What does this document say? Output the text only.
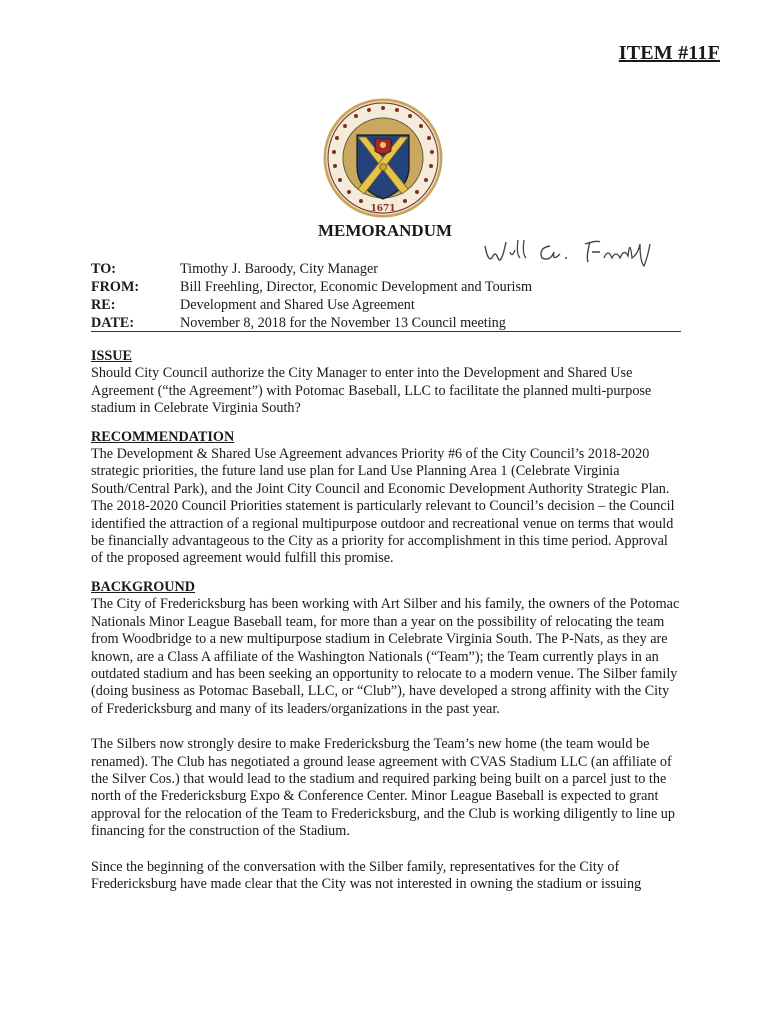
ITEM #11F
1671
MEMORANDUM
TO:	Timothy J. Baroody, City Manager
FROM:	Bill Freehling, Director, Economic Development and Tourism
RE:	Development and Shared Use Agreement
DATE:	November 8, 2018 for the November 13 Council meeting

ISSUE

Should City Council authorize the City Manager to enter into the Development and Shared Use Agreement (“the Agreement”) with Potomac Baseball, LLC to facilitate the planned multi-purpose stadium in Celebrate Virginia South?

RECOMMENDATION

The Development & Shared Use Agreement advances Priority #6 of the City Council’s 2018-2020 strategic priorities, the future land use plan for Land Use Planning Area 1 (Celebrate Virginia South/Central Park), and the Joint City Council and Economic Development Authority Strategic Plan. The 2018-2020 Council Priorities statement is particularly relevant to Council’s decision – the Council identified the attraction of a regional multipurpose outdoor and recreational venue on terms that would be financially advantageous to the City as a priority for accomplishment in this time period. Approval of the proposed agreement would fulfill this promise.

BACKGROUND

The City of Fredericksburg has been working with Art Silber and his family, the owners of the Potomac Nationals Minor League Baseball team, for more than a year on the possibility of relocating the team from Woodbridge to a new multipurpose stadium in Celebrate Virginia South. The P-Nats, as they are known, are a Class A affiliate of the Washington Nationals (“Team”); the Team currently plays in an outdated stadium and has been seeking an opportunity to relocate to a modern venue. The Silber family (doing business as Potomac Baseball, LLC, or “Club”), have developed a strong affinity with the City of Fredericksburg and many of its leaders/organizations in the past year.

The Silbers now strongly desire to make Fredericksburg the Team’s new home (the team would be renamed). The Club has negotiated a ground lease agreement with CVAS Stadium LLC (an affiliate of the Silver Cos.) that would lead to the stadium and required parking being built on a parcel just to the north of the Fredericksburg Expo & Conference Center. Minor League Baseball is expected to grant approval for the relocation of the Team to Fredericksburg, and the Club is working diligently to line up financing for the construction of the Stadium.

Since the beginning of the conversation with the Silber family, representatives for the City of Fredericksburg have made clear that the City was not interested in owning the stadium or issuing
